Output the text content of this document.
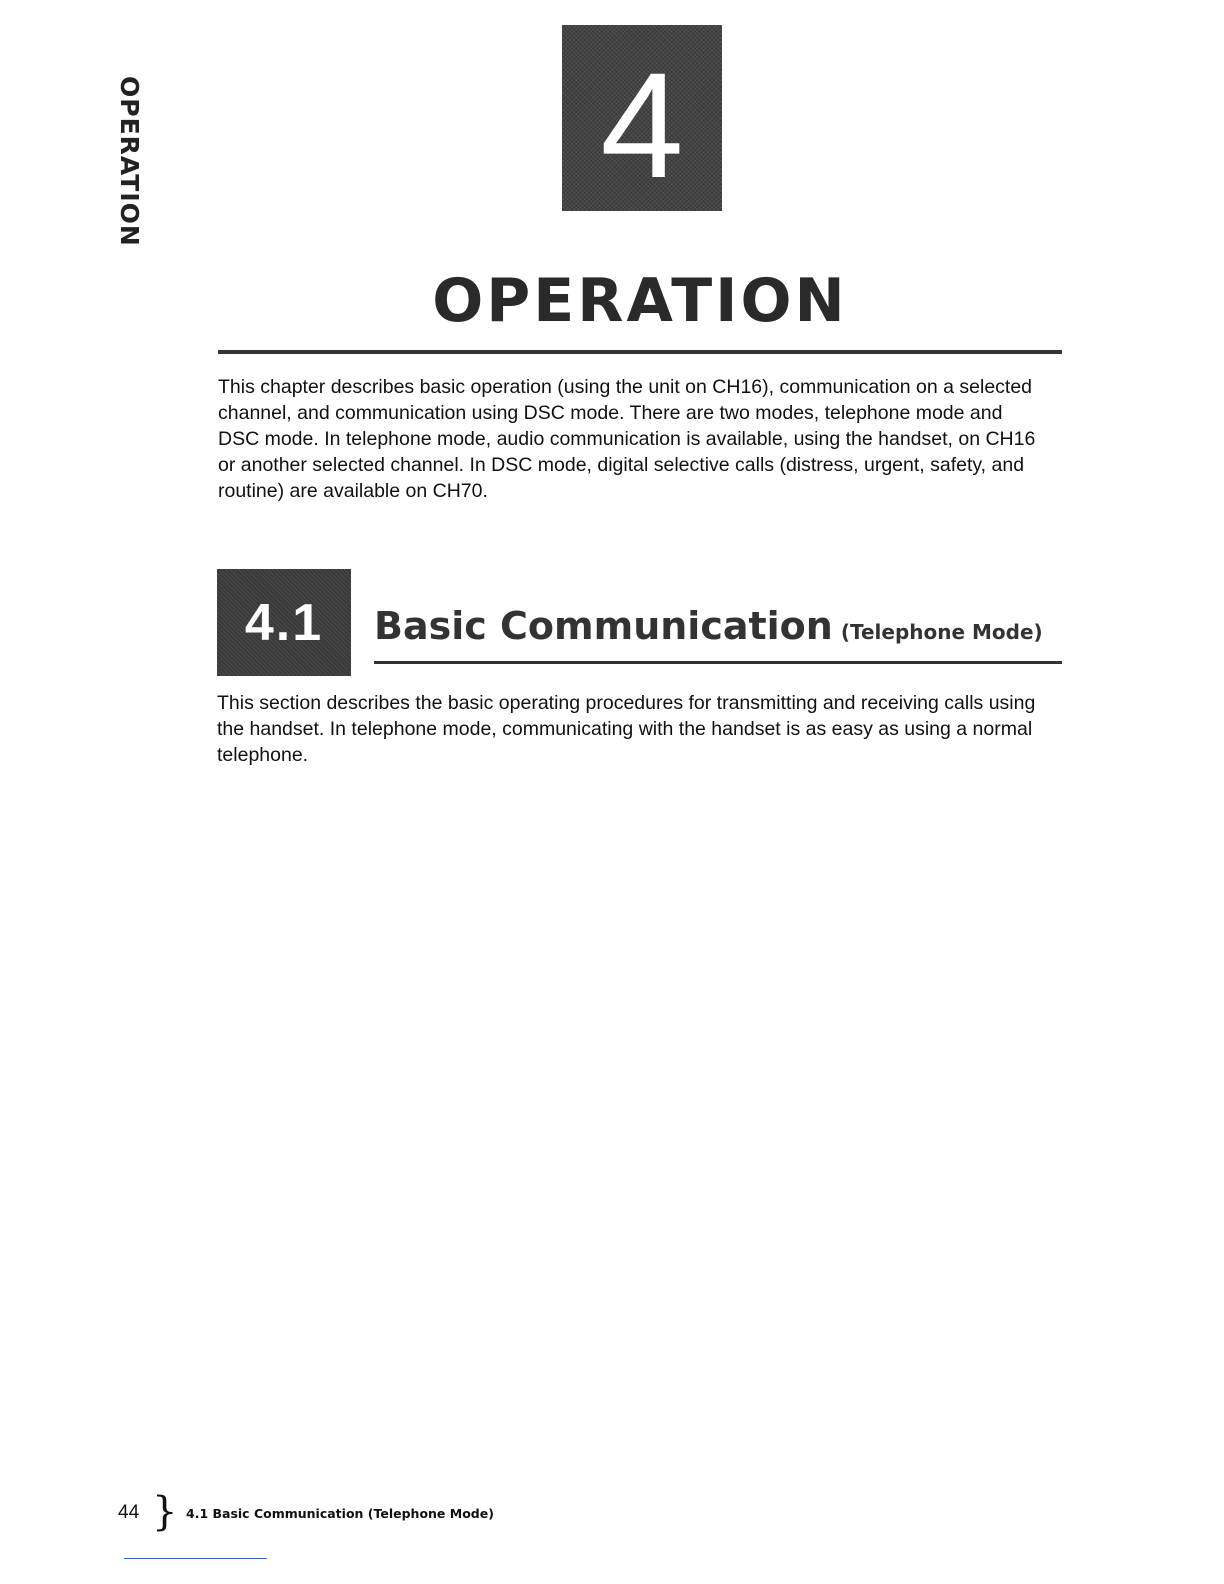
OPERATION	4
OPERATION

This chapter describes basic operation (using the unit on CH16), communication on a selected channel, and communication using DSC mode. There are two modes, telephone mode and DSC mode. In telephone mode, audio communication is available, using the handset, on CH16 or another selected channel. In DSC mode, digital selective calls (distress, urgent, safety, and routine) are available on CH70.

4.1 Basic Communication (Telephone Mode)

This section describes the basic operating procedures for transmitting and receiving calls using the handset. In telephone mode, communicating with the handset is as easy as using a normal telephone.

44 } 4.1 Basic Communication (Telephone Mode)
